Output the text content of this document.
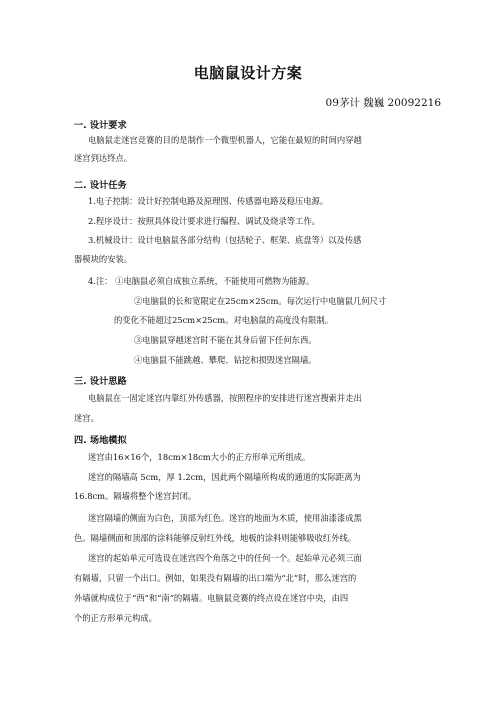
电脑鼠设计方案
09茅计 魏巍 20092216
一. 设计要求
电脑鼠走迷宫竞赛的目的是制作一个微型机器人，它能在最短的时间内穿越
迷宫到达终点。
二. 设计任务
1.电子控制：设计好控制电路及原理图、传感器电路及稳压电源。
2.程序设计：按照具体设计要求进行编程、调试及烧录等工作。
3.机械设计：设计电脑鼠各部分结构（包括轮子、框架、底盘等）以及传感
器模块的安装。
4.注： ①电脑鼠必须自成独立系统，不能使用可燃物为能源。
②电脑鼠的长和宽限定在25cm×25cm。每次运行中电脑鼠几何尺寸
的变化不能超过25cm×25cm。对电脑鼠的高度没有限制。
③电脑鼠穿越迷宫时不能在其身后留下任何东西。
④电脑鼠不能跳越、攀爬、钻挖和损毁迷宫隔墙。
三. 设计思路
电脑鼠在一固定迷宫内靠红外传感器，按照程序的安排进行迷宫搜索并走出
迷宫。
四. 场地模拟
迷宫由16×16个，18cm×18cm大小的正方形单元所组成。
迷宫的隔墙高 5cm，厚 1.2cm，因此两个隔墙所构成的通道的实际距离为
16.8cm。隔墙将整个迷宫封闭。
迷宫隔墙的侧面为白色，顶部为红色。迷宫的地面为木质，使用油漆漆成黑
色。隔墙侧面和顶部的涂料能够反射红外线，地板的涂料则能够吸收红外线。
迷宫的起始单元可选设在迷宫四个角落之中的任何一个。起始单元必须三面
有隔墙，只留一个出口。例如，如果没有隔墙的出口端为“北”时，那么迷宫的
外墙就构成位于“西”和“南”的隔墙。电脑鼠竞赛的终点设在迷宫中央，由四
个的正方形单元构成。
